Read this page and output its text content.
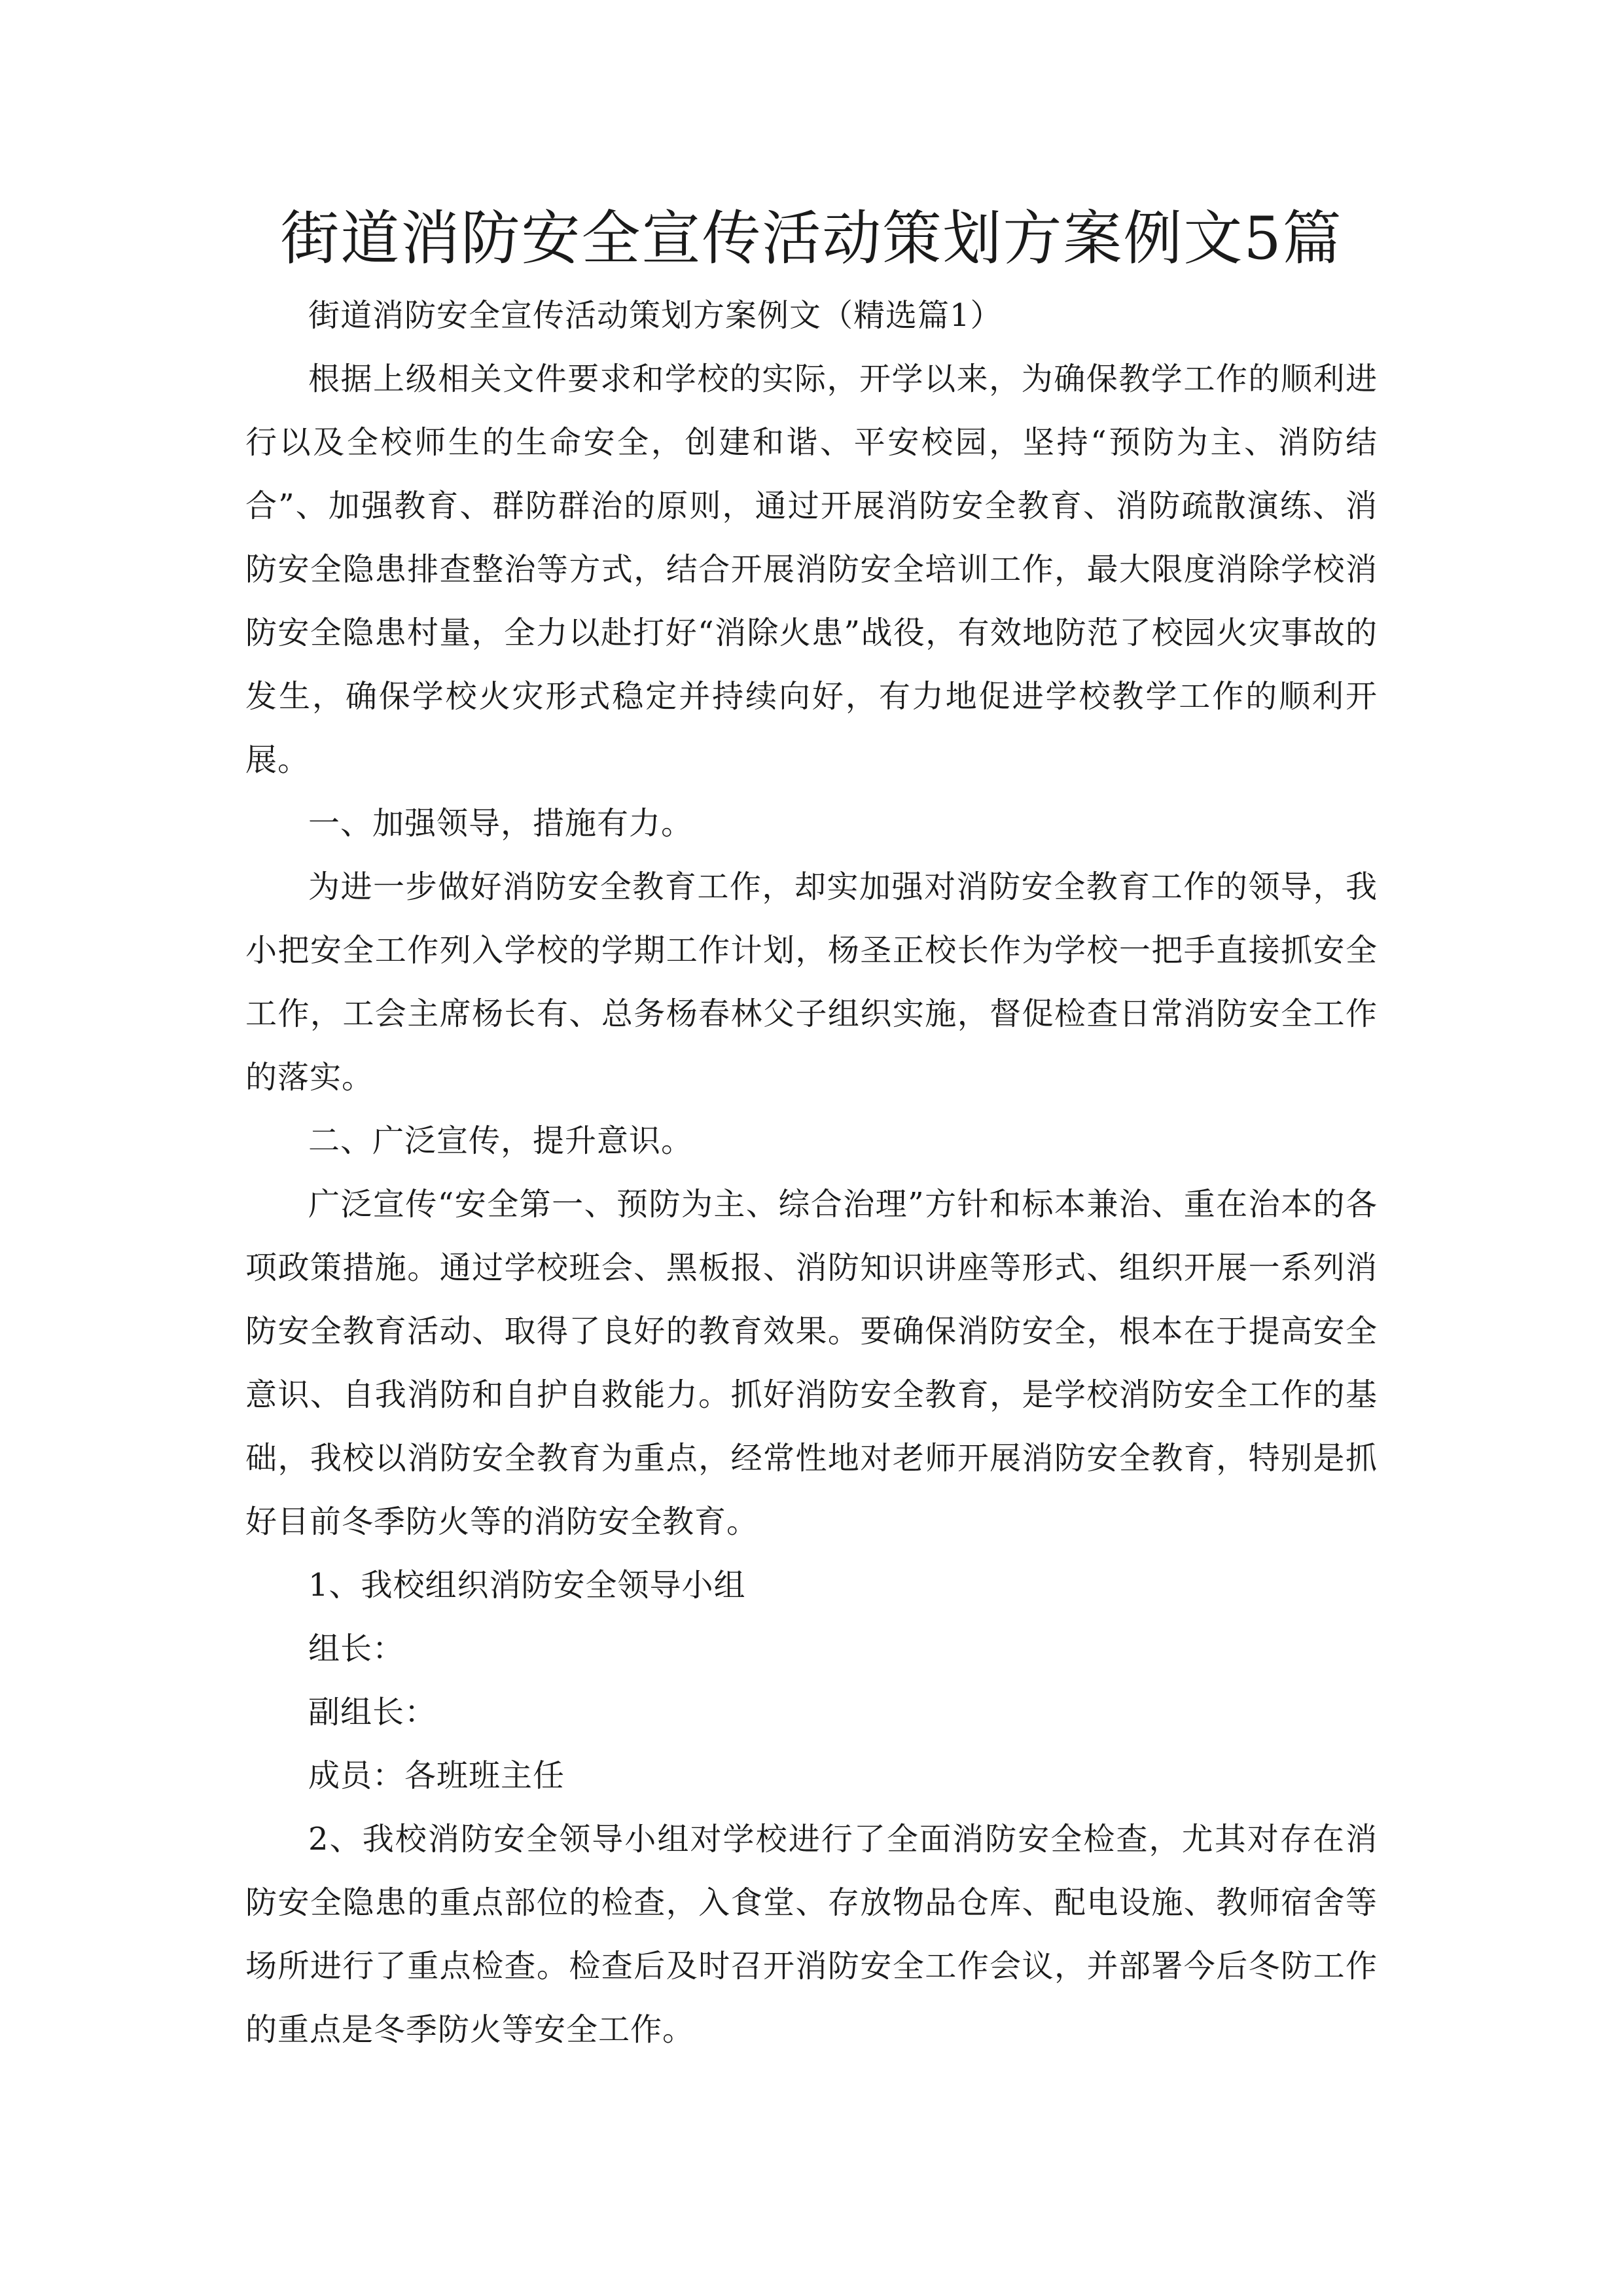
街道消防安全宣传活动策划方案例文5篇

街道消防安全宣传活动策划方案例文（精选篇1）

根据上级相关文件要求和学校的实际，开学以来，为确保教学工作的顺利进行以及全校师生的生命安全，创建和谐、平安校园，坚持“预防为主、消防结合”、加强教育、群防群治的原则，通过开展消防安全教育、消防疏散演练、消防安全隐患排查整治等方式，结合开展消防安全培训工作，最大限度消除学校消防安全隐患村量，全力以赴打好“消除火患”战役，有效地防范了校园火灾事故的发生，确保学校火灾形式稳定并持续向好，有力地促进学校教学工作的顺利开展。

一、加强领导，措施有力。

为进一步做好消防安全教育工作，却实加强对消防安全教育工作的领导，我小把安全工作列入学校的学期工作计划，杨圣正校长作为学校一把手直接抓安全工作，工会主席杨长有、总务杨春林父子组织实施，督促检查日常消防安全工作的落实。

二、广泛宣传，提升意识。

广泛宣传“安全第一、预防为主、综合治理”方针和标本兼治、重在治本的各项政策措施。通过学校班会、黑板报、消防知识讲座等形式、组织开展一系列消防安全教育活动、取得了良好的教育效果。要确保消防安全，根本在于提高安全意识、自我消防和自护自救能力。抓好消防安全教育，是学校消防安全工作的基础，我校以消防安全教育为重点，经常性地对老师开展消防安全教育，特别是抓好目前冬季防火等的消防安全教育。

1、我校组织消防安全领导小组

组长：

副组长：

成员：各班班主任

2、我校消防安全领导小组对学校进行了全面消防安全检查，尤其对存在消防安全隐患的重点部位的检查，入食堂、存放物品仓库、配电设施、教师宿舍等场所进行了重点检查。检查后及时召开消防安全工作会议，并部署今后冬防工作的重点是冬季防火等安全工作。
